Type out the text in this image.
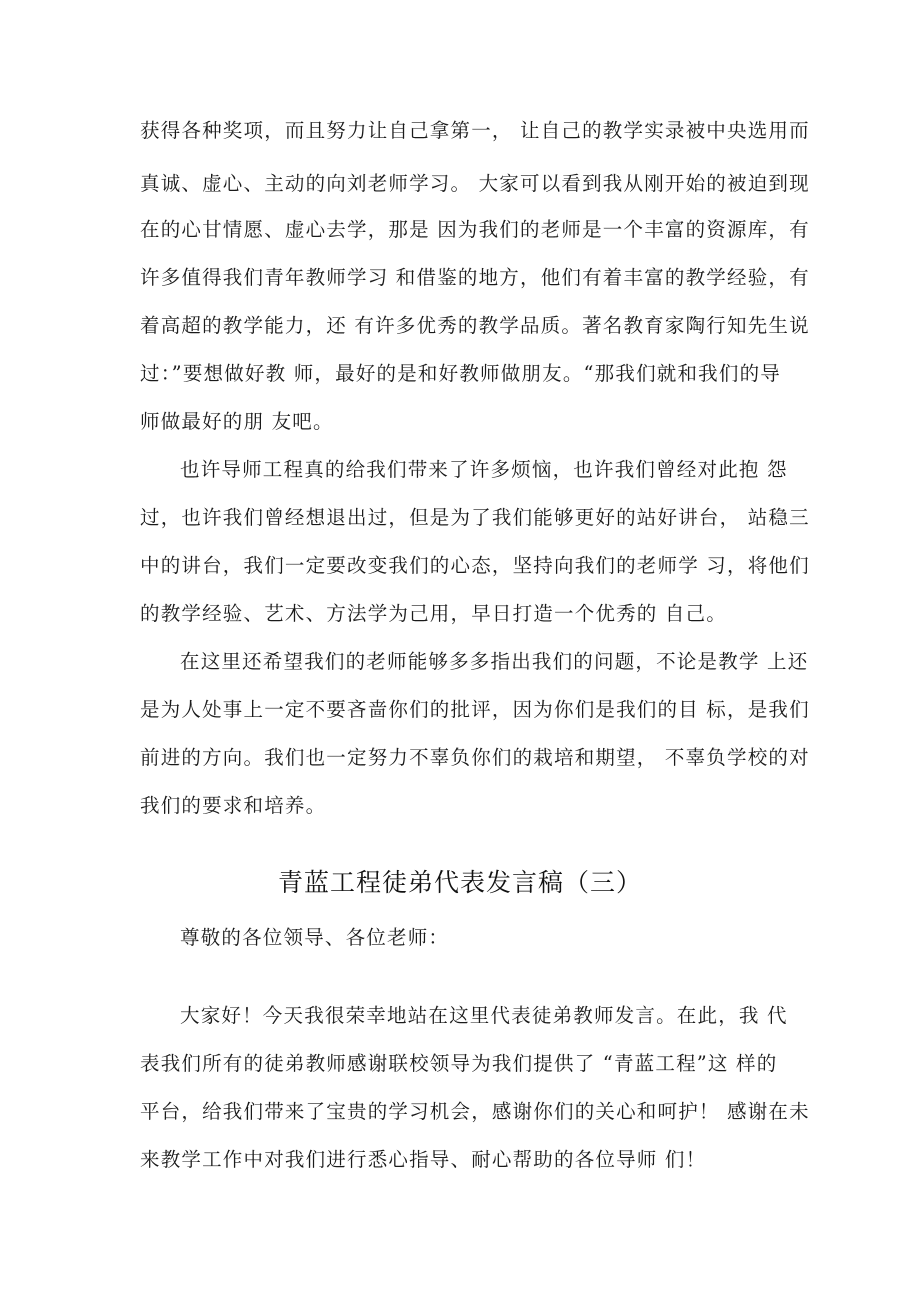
获得各种奖项，而且努力让自己拿第一， 让自己的教学实录被中央选用而
真诚、虚心、主动的向刘老师学习。 大家可以看到我从刚开始的被迫到现
在的心甘情愿、虚心去学，那是 因为我们的老师是一个丰富的资源库，有
许多值得我们青年教师学习 和借鉴的地方，他们有着丰富的教学经验，有
着高超的教学能力，还 有许多优秀的教学品质。著名教育家陶行知先生说
过：”要想做好教 师，最好的是和好教师做朋友。“那我们就和我们的导
师做最好的朋 友吧。
也许导师工程真的给我们带来了许多烦恼，也许我们曾经对此抱 怨
过，也许我们曾经想退出过，但是为了我们能够更好的站好讲台， 站稳三
中的讲台，我们一定要改变我们的心态，坚持向我们的老师学 习，将他们
的教学经验、艺术、方法学为己用，早日打造一个优秀的 自己。
在这里还希望我们的老师能够多多指出我们的问题，不论是教学 上还
是为人处事上一定不要吝啬你们的批评，因为你们是我们的目 标，是我们
前进的方向。我们也一定努力不辜负你们的栽培和期望， 不辜负学校的对
我们的要求和培养。
青蓝工程徒弟代表发言稿（三）
尊敬的各位领导、各位老师：
大家好！今天我很荣幸地站在这里代表徒弟教师发言。在此，我 代
表我们所有的徒弟教师感谢联校领导为我们提供了 “青蓝工程”这 样的
平台，给我们带来了宝贵的学习机会，感谢你们的关心和呵护！ 感谢在未
来教学工作中对我们进行悉心指导、耐心帮助的各位导师 们！
